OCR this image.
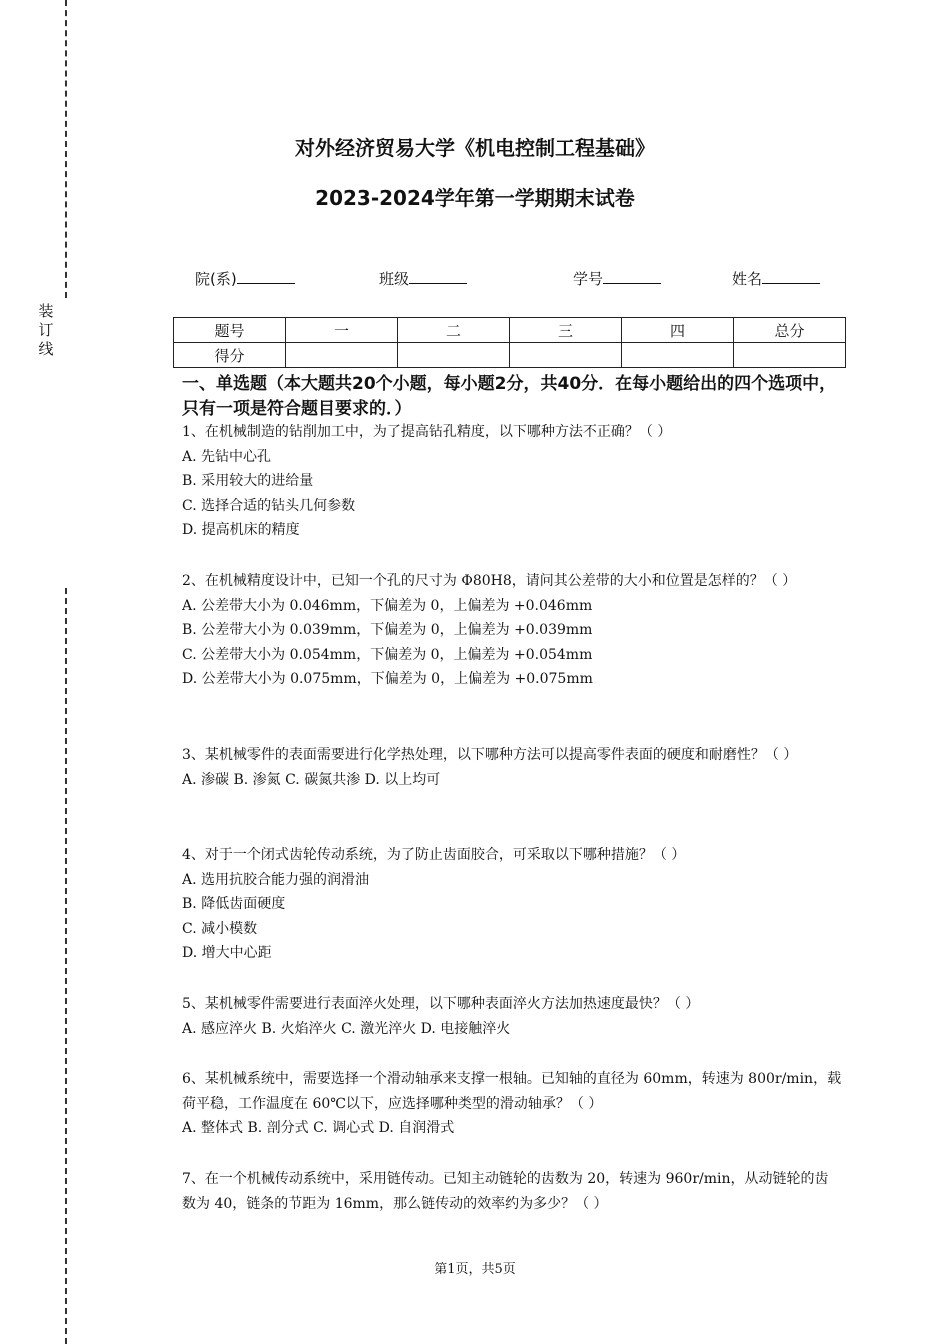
装
订
线
对外经济贸易大学《机电控制工程基础》
2023-2024学年第一学期期末试卷
院(系)	班级	学号	姓名
题号	一	二	三	四	总分
得分					
一、单选题（本大题共20个小题，每小题2分，共40分．在每小题给出的四个选项中，只有一项是符合题目要求的．）

1、在机械制造的钻削加工中，为了提高钻孔精度，以下哪种方法不正确？（ ）

A. 先钻中心孔

B. 采用较大的进给量

C. 选择合适的钻头几何参数

D. 提高机床的精度

2、在机械精度设计中，已知一个孔的尺寸为 Φ80H8，请问其公差带的大小和位置是怎样的？（ ）

A. 公差带大小为 0.046mm，下偏差为 0，上偏差为 +0.046mm

B. 公差带大小为 0.039mm，下偏差为 0，上偏差为 +0.039mm

C. 公差带大小为 0.054mm，下偏差为 0，上偏差为 +0.054mm

D. 公差带大小为 0.075mm，下偏差为 0，上偏差为 +0.075mm

3、某机械零件的表面需要进行化学热处理，以下哪种方法可以提高零件表面的硬度和耐磨性？（ ）

A. 渗碳 B. 渗氮 C. 碳氮共渗 D. 以上均可

4、对于一个闭式齿轮传动系统，为了防止齿面胶合，可采取以下哪种措施？（ ）

A. 选用抗胶合能力强的润滑油

B. 降低齿面硬度

C. 减小模数

D. 增大中心距

5、某机械零件需要进行表面淬火处理，以下哪种表面淬火方法加热速度最快？（ ）

A. 感应淬火 B. 火焰淬火 C. 激光淬火 D. 电接触淬火

6、某机械系统中，需要选择一个滑动轴承来支撑一根轴。已知轴的直径为 60mm，转速为 800r/min，载荷平稳，工作温度在 60℃以下，应选择哪种类型的滑动轴承？（ ）

A. 整体式 B. 剖分式 C. 调心式 D. 自润滑式

7、在一个机械传动系统中，采用链传动。已知主动链轮的齿数为 20，转速为 960r/min，从动链轮的齿数为 40，链条的节距为 16mm，那么链传动的效率约为多少？（ ）

第1页，共5页
